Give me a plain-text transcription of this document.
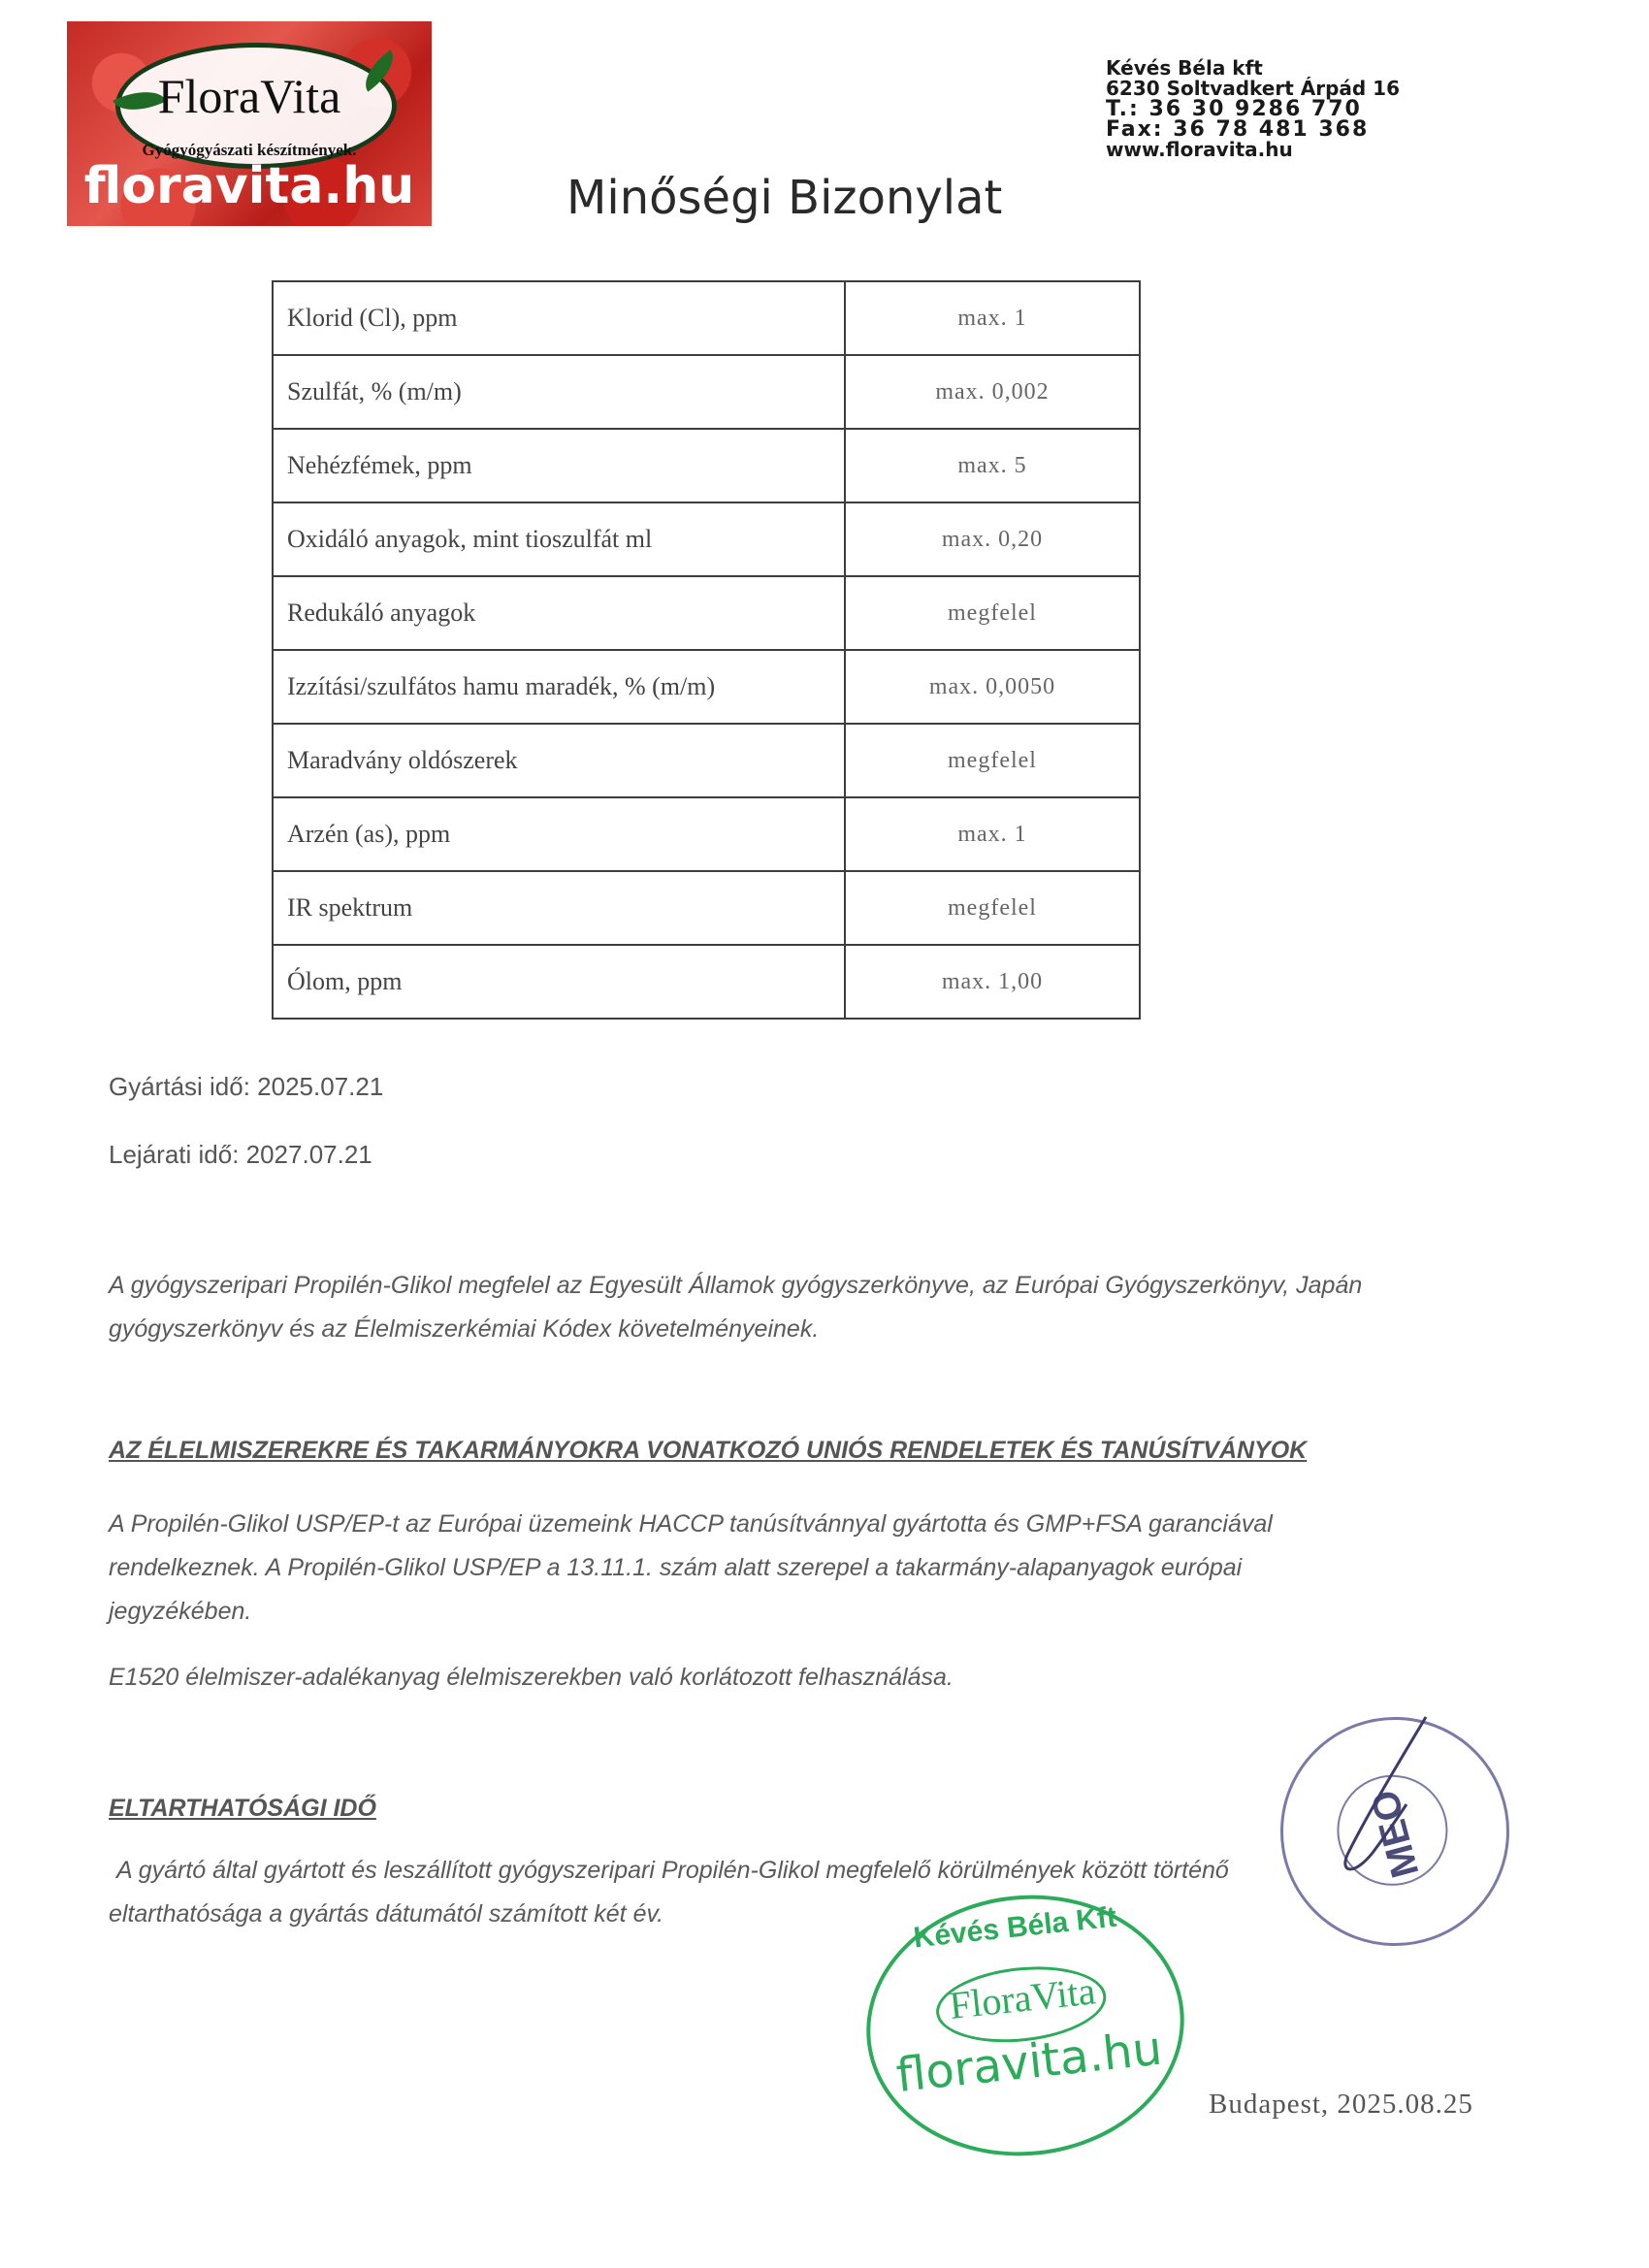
FloraVita
Gyógyógyászati készítmények.
floravita.hu
Kévés Béla kft
6230 Soltvadkert Árpád 16
T.: 36 30 9286 770
Fax: 36 78 481 368
www.floravita.hu
Minőségi Bizonylat
Klorid (Cl), ppm	max. 1
Szulfát, % (m/m)	max. 0,002
Nehézfémek, ppm	max. 5
Oxidáló anyagok, mint tioszulfát ml	max. 0,20
Redukáló anyagok	megfelel
Izzítási/szulfátos hamu maradék, % (m/m)	max. 0,0050
Maradvány oldószerek	megfelel
Arzén (as), ppm	max. 1
IR spektrum	megfelel
Ólom, ppm	max. 1,00
Gyártási idő: 2025.07.21
Lejárati idő: 2027.07.21
A gyógyszeripari Propilén-Glikol megfelel az Egyesült Államok gyógyszerkönyve, az Európai Gyógyszerkönyv, Japán
gyógyszerkönyv és az Élelmiszerkémiai Kódex követelményeinek.
AZ ÉLELMISZEREKRE ÉS TAKARMÁNYOKRA VONATKOZÓ UNIÓS RENDELETEK ÉS TANÚSÍTVÁNYOK
A Propilén-Glikol USP/EP-t az Európai üzemeink HACCP tanúsítvánnyal gyártotta és GMP+FSA garanciával
rendelkeznek. A Propilén-Glikol USP/EP a 13.11.1. szám alatt szerepel a takarmány-alapanyagok európai
jegyzékében.
E1520 élelmiszer-adalékanyag élelmiszerekben való korlátozott felhasználása.
ELTARTHATÓSÁGI IDŐ
A gyártó által gyártott és leszállított gyógyszeripari Propilén-Glikol megfelelő körülmények között történő
eltarthatósága a gyártás dátumától számított két év.
MEO
Kévés Béla Kft
FloraVita
floravita.hu
Budapest, 2025.08.25
